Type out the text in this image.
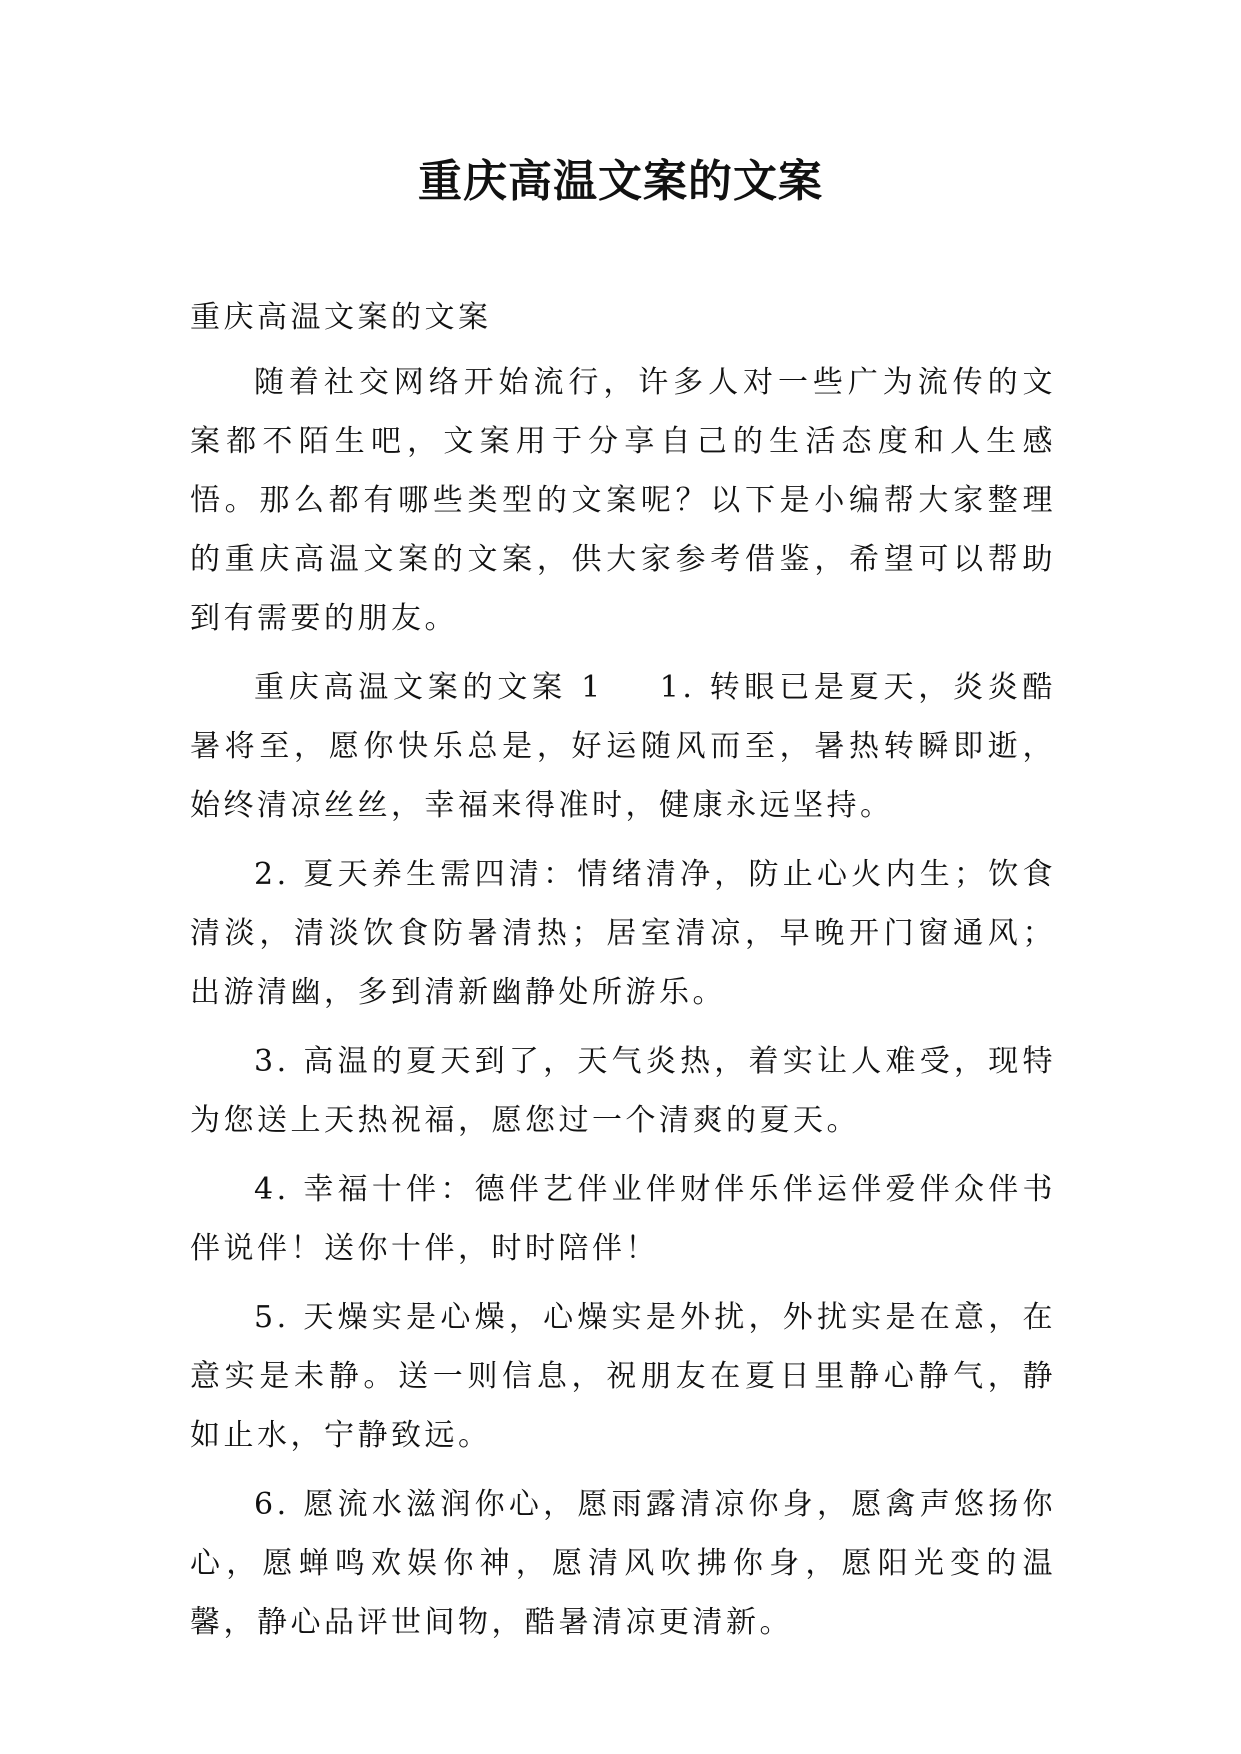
重庆高温文案的文案

重庆高温文案的文案

随着社交网络开始流行，许多人对一些广为流传的文案都不陌生吧，文案用于分享自己的生活态度和人生感悟。那么都有哪些类型的文案呢？以下是小编帮大家整理的重庆高温文案的文案，供大家参考借鉴，希望可以帮助到有需要的朋友。

重庆高温文案的文案 1 1. 转眼已是夏天，炎炎酷暑将至，愿你快乐总是，好运随风而至，暑热转瞬即逝，始终清凉丝丝，幸福来得准时，健康永远坚持。

2. 夏天养生需四清：情绪清净，防止心火内生；饮食清淡，清淡饮食防暑清热；居室清凉，早晚开门窗通风；出游清幽，多到清新幽静处所游乐。

3. 高温的夏天到了，天气炎热，着实让人难受，现特为您送上天热祝福，愿您过一个清爽的夏天。

4. 幸福十伴：德伴艺伴业伴财伴乐伴运伴爱伴众伴书伴说伴！送你十伴，时时陪伴！

5. 天燥实是心燥，心燥实是外扰，外扰实是在意，在意实是未静。送一则信息，祝朋友在夏日里静心静气，静如止水，宁静致远。

6. 愿流水滋润你心，愿雨露清凉你身，愿禽声悠扬你心，愿蝉鸣欢娱你神，愿清风吹拂你身，愿阳光变的温馨，静心品评世间物，酷暑清凉更清新。
